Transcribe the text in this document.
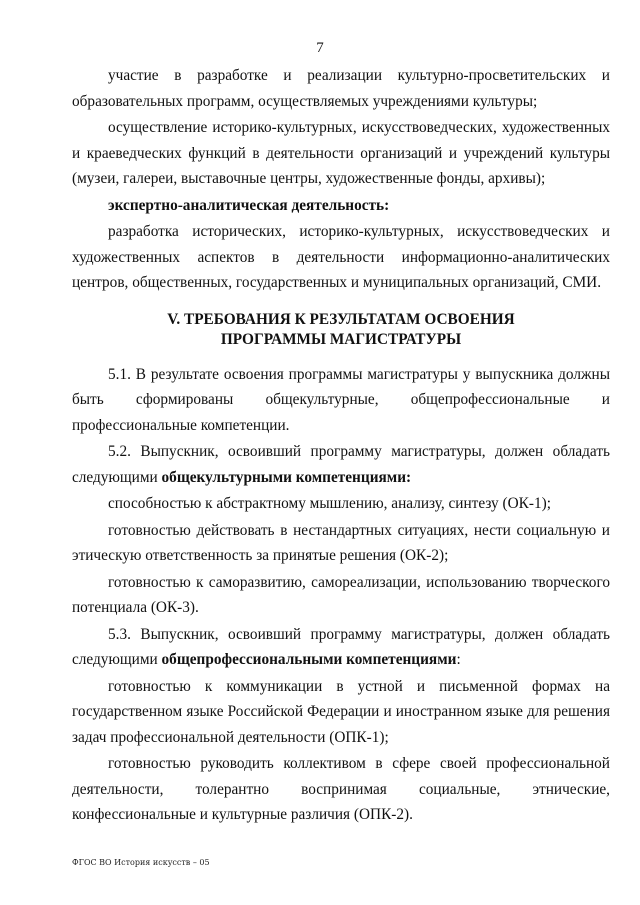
7

участие в разработке и реализации культурно-просветительских и образовательных программ, осуществляемых учреждениями культуры;

осуществление историко-культурных, искусствоведческих, художественных и краеведческих функций в деятельности организаций и учреждений культуры (музеи, галереи, выставочные центры, художественные фонды, архивы);

экспертно-аналитическая деятельность:

разработка исторических, историко-культурных, искусствоведческих и художественных аспектов в деятельности информационно-аналитических центров, общественных, государственных и муниципальных организаций, СМИ.

V. ТРЕБОВАНИЯ К РЕЗУЛЬТАТАМ ОСВОЕНИЯ
ПРОГРАММЫ МАГИСТРАТУРЫ

5.1. В результате освоения программы магистратуры у выпускника должны быть сформированы общекультурные, общепрофессиональные и профессиональные компетенции.

5.2. Выпускник, освоивший программу магистратуры, должен обладать следующими общекультурными компетенциями:

способностью к абстрактному мышлению, анализу, синтезу (ОК-1);

готовностью действовать в нестандартных ситуациях, нести социальную и этическую ответственность за принятые решения (ОК-2);

готовностью к саморазвитию, самореализации, использованию творческого потенциала (ОК-3).

5.3. Выпускник, освоивший программу магистратуры, должен обладать следующими общепрофессиональными компетенциями:

готовностью к коммуникации в устной и письменной формах на государственном языке Российской Федерации и иностранном языке для решения задач профессиональной деятельности (ОПК-1);

готовностью руководить коллективом в сфере своей профессиональной деятельности, толерантно воспринимая социальные, этнические, конфессиональные и культурные различия (ОПК-2).

ФГОС ВО История искусств – 05
